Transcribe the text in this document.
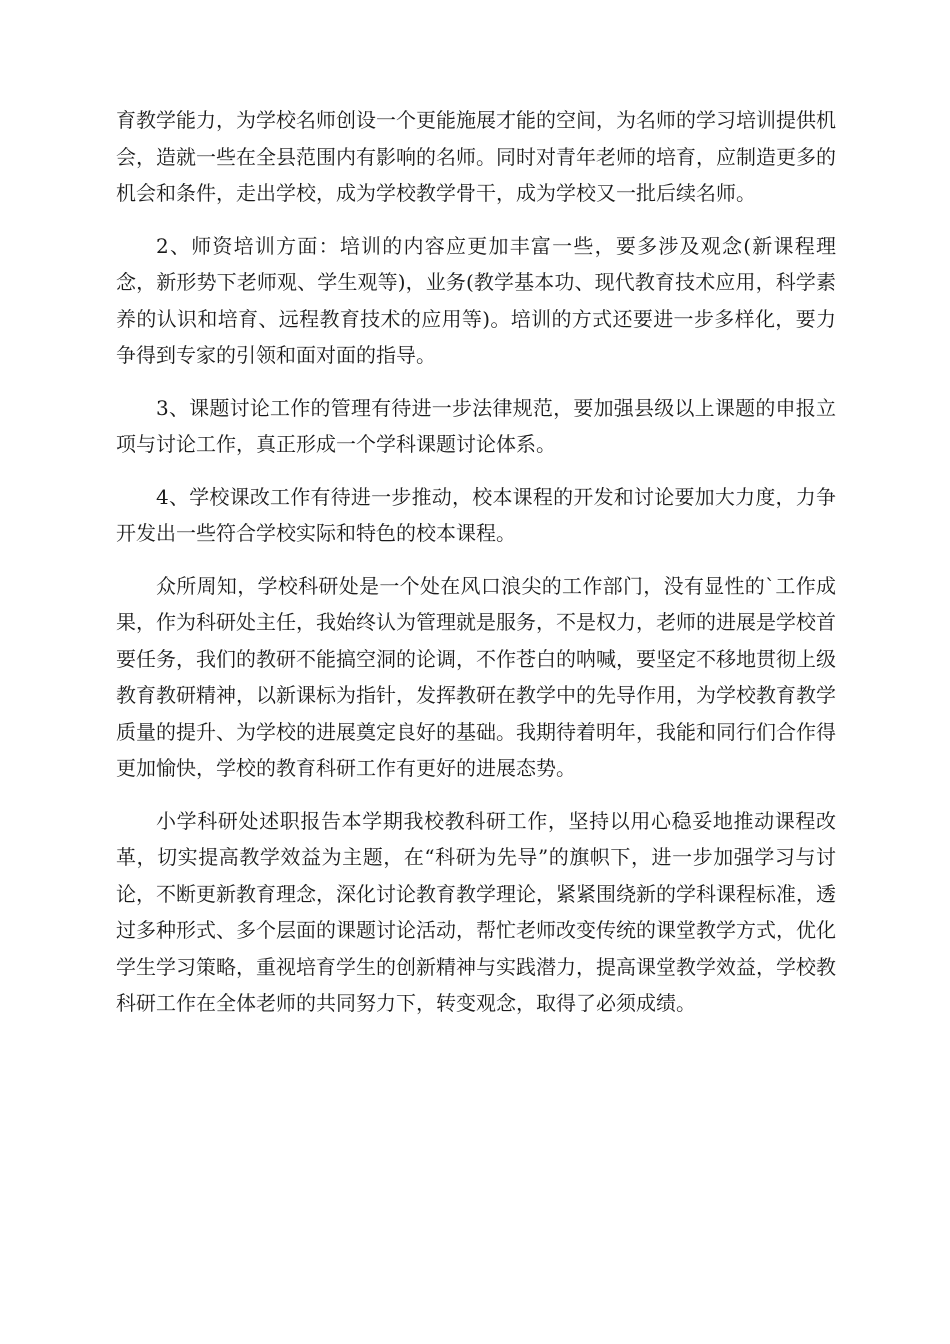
育教学能力，为学校名师创设一个更能施展才能的空间，为名师的学习培训提供机会，造就一些在全县范围内有影响的名师。同时对青年老师的培育，应制造更多的机会和条件，走出学校，成为学校教学骨干，成为学校又一批后续名师。

2、师资培训方面：培训的内容应更加丰富一些，要多涉及观念(新课程理念，新形势下老师观、学生观等)，业务(教学基本功、现代教育技术应用，科学素养的认识和培育、远程教育技术的应用等)。培训的方式还要进一步多样化，要力争得到专家的引领和面对面的指导。

3、课题讨论工作的管理有待进一步法律规范，要加强县级以上课题的申报立项与讨论工作，真正形成一个学科课题讨论体系。

4、学校课改工作有待进一步推动，校本课程的开发和讨论要加大力度，力争开发出一些符合学校实际和特色的校本课程。

众所周知，学校科研处是一个处在风口浪尖的工作部门，没有显性的`工作成果，作为科研处主任，我始终认为管理就是服务，不是权力，老师的进展是学校首要任务，我们的教研不能搞空洞的论调，不作苍白的呐喊，要坚定不移地贯彻上级教育教研精神，以新课标为指针，发挥教研在教学中的先导作用，为学校教育教学质量的提升、为学校的进展奠定良好的基础。我期待着明年，我能和同行们合作得更加愉快，学校的教育科研工作有更好的进展态势。

小学科研处述职报告本学期我校教科研工作，坚持以用心稳妥地推动课程改革，切实提高教学效益为主题，在“科研为先导”的旗帜下，进一步加强学习与讨论，不断更新教育理念，深化讨论教育教学理论，紧紧围绕新的学科课程标准，透过多种形式、多个层面的课题讨论活动，帮忙老师改变传统的课堂教学方式，优化学生学习策略，重视培育学生的创新精神与实践潜力，提高课堂教学效益，学校教科研工作在全体老师的共同努力下，转变观念，取得了必须成绩。
